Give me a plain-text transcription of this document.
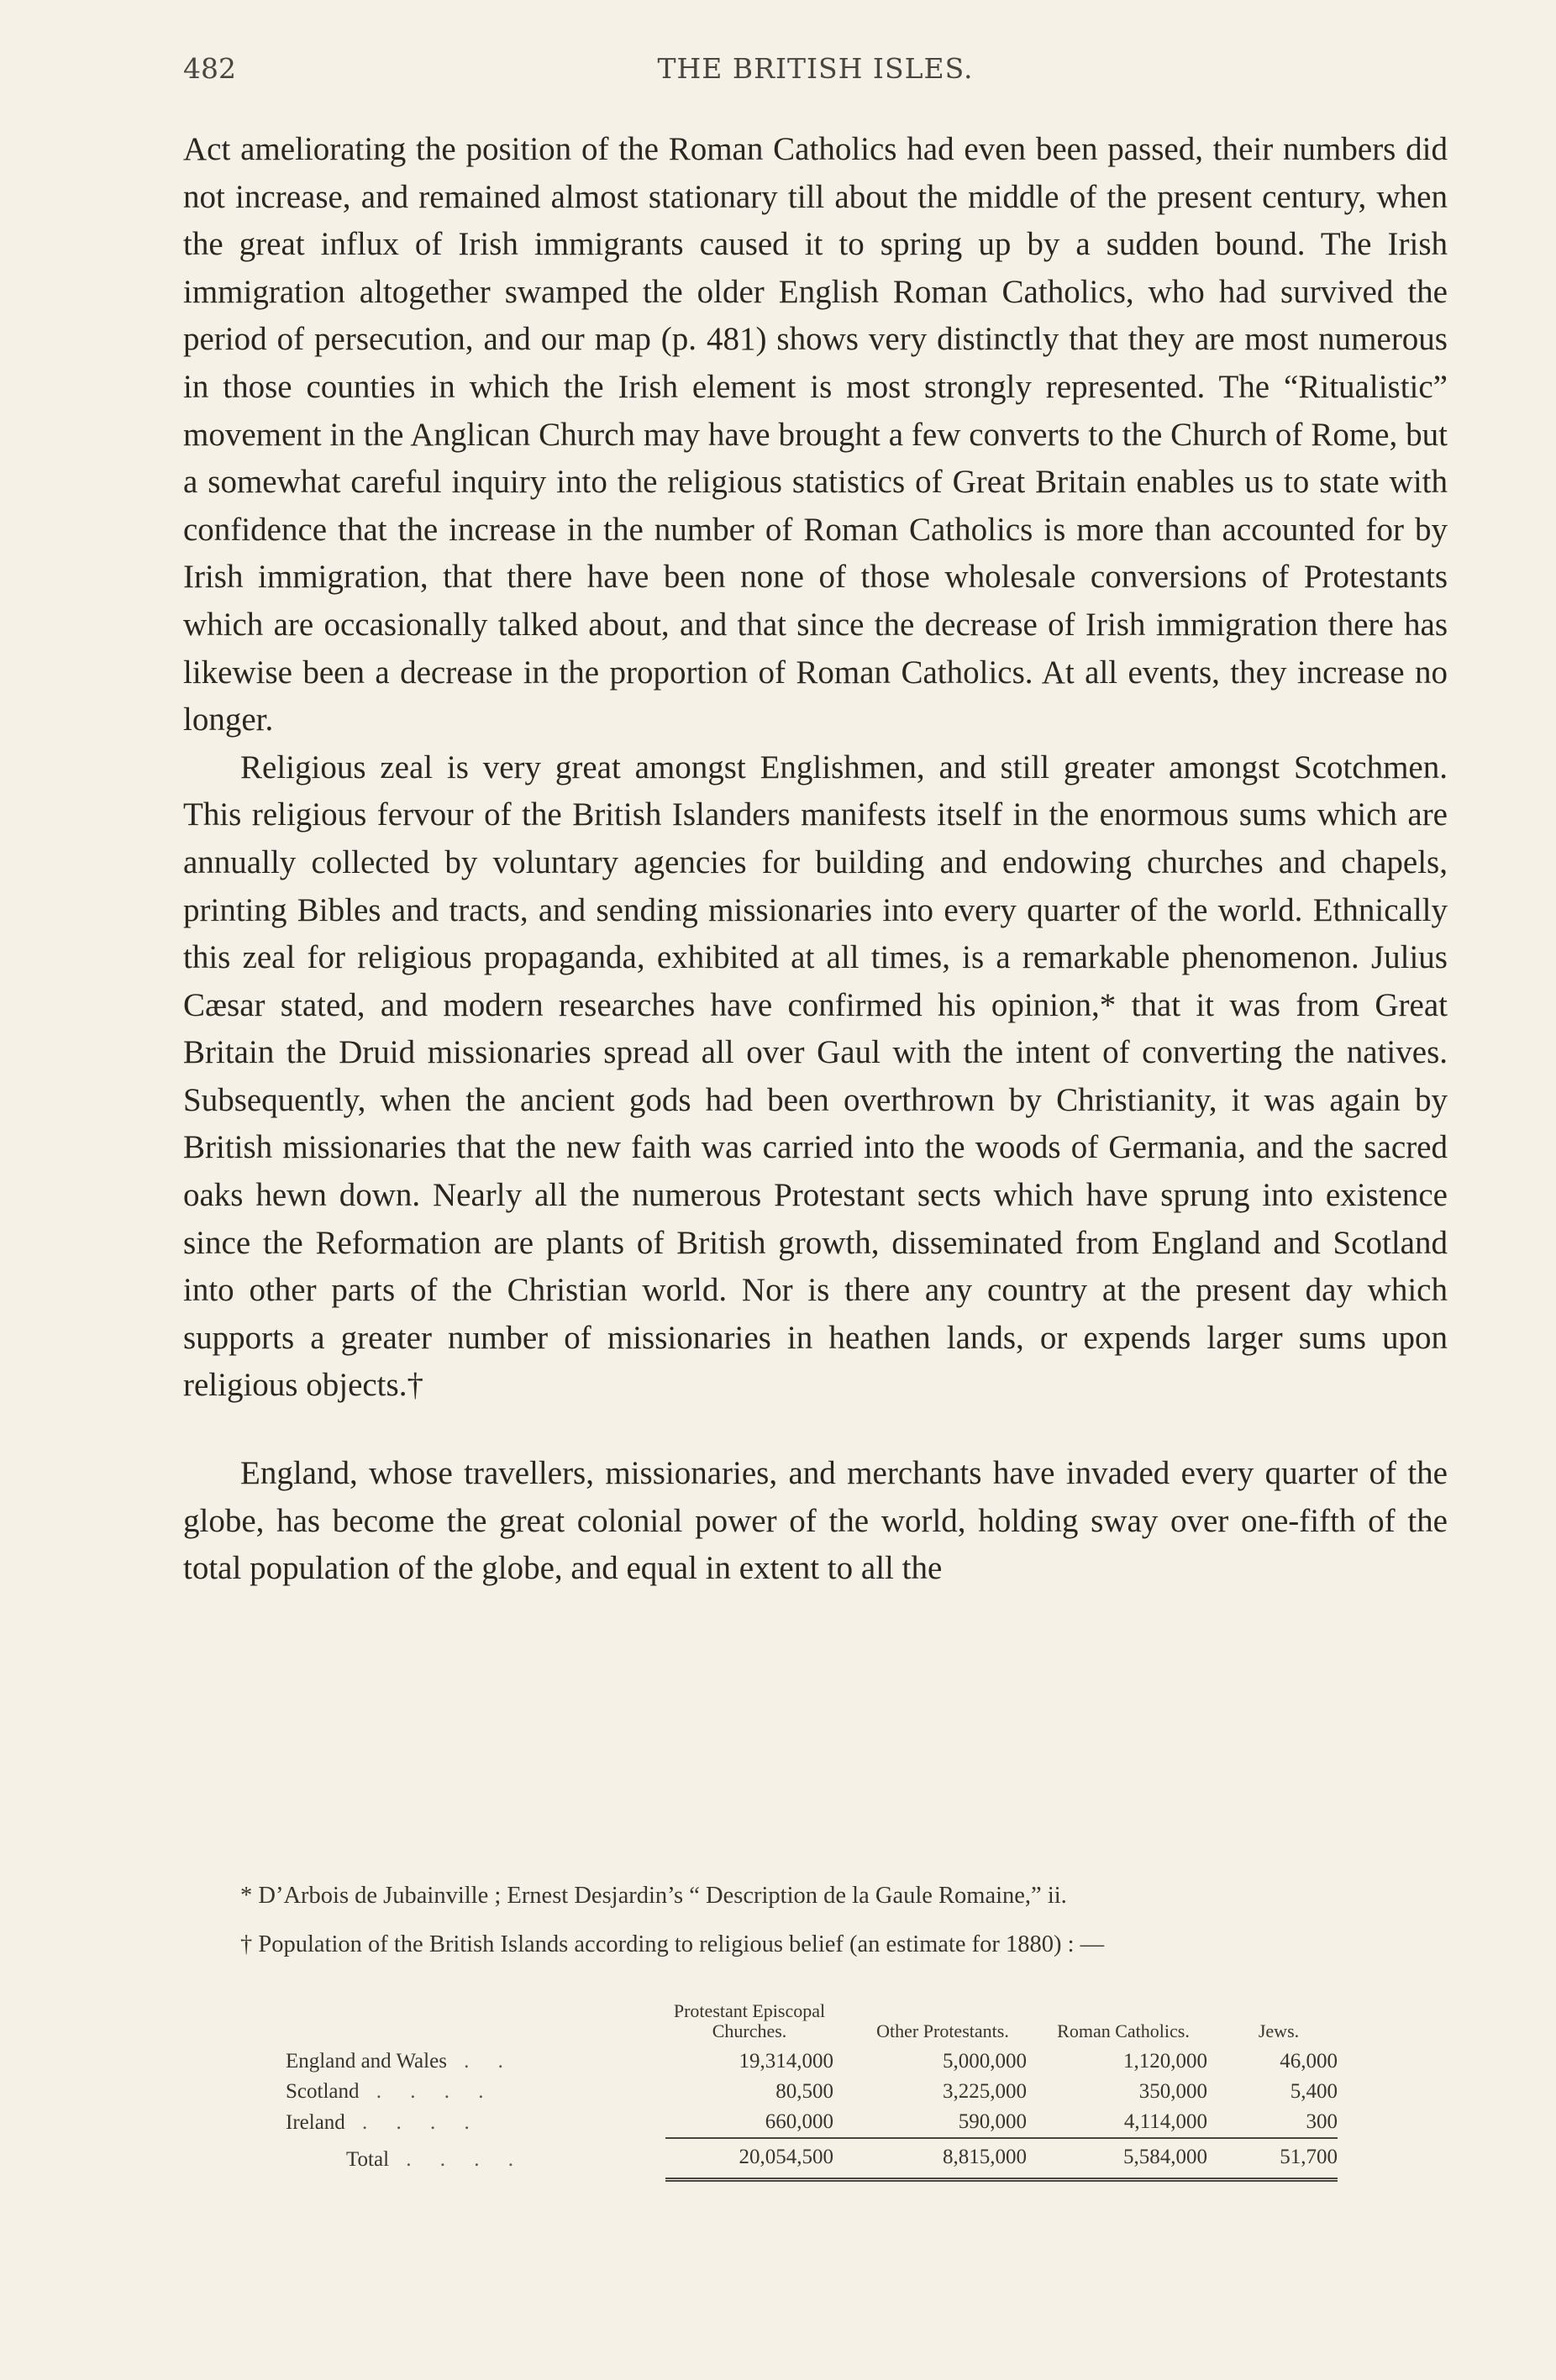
482	THE BRITISH ISLES.

Act ameliorating the position of the Roman Catholics had even been passed, their numbers did not increase, and remained almost stationary till about the middle of the present century, when the great influx of Irish immigrants caused it to spring up by a sudden bound. The Irish immigration altogether swamped the older English Roman Catholics, who had survived the period of persecution, and our map (p. 481) shows very distinctly that they are most numerous in those counties in which the Irish element is most strongly represented. The “Ritualistic” movement in the Anglican Church may have brought a few converts to the Church of Rome, but a somewhat careful inquiry into the religious statistics of Great Britain enables us to state with confidence that the increase in the number of Roman Catholics is more than accounted for by Irish immigration, that there have been none of those wholesale conversions of Protestants which are occasionally talked about, and that since the decrease of Irish immigration there has likewise been a decrease in the proportion of Roman Catholics. At all events, they increase no longer.

Religious zeal is very great amongst Englishmen, and still greater amongst Scotchmen. This religious fervour of the British Islanders manifests itself in the enormous sums which are annually collected by voluntary agencies for building and endowing churches and chapels, printing Bibles and tracts, and sending missionaries into every quarter of the world. Ethnically this zeal for religious propaganda, exhibited at all times, is a remarkable phenomenon. Julius Cæsar stated, and modern researches have confirmed his opinion,* that it was from Great Britain the Druid missionaries spread all over Gaul with the intent of converting the natives. Subsequently, when the ancient gods had been overthrown by Christianity, it was again by British missionaries that the new faith was carried into the woods of Germania, and the sacred oaks hewn down. Nearly all the numerous Protestant sects which have sprung into existence since the Reformation are plants of British growth, disseminated from England and Scotland into other parts of the Christian world. Nor is there any country at the present day which supports a greater number of missionaries in heathen lands, or expends larger sums upon religious objects.†

England, whose travellers, missionaries, and merchants have invaded every quarter of the globe, has become the great colonial power of the world, holding sway over one-fifth of the total population of the globe, and equal in extent to all the

* D’Arbois de Jubainville ; Ernest Desjardin’s “ Description de la Gaule Romaine,” ii.

† Population of the British Islands according to religious belief (an estimate for 1880) : —

	Protestant Episcopal Churches.	Other Protestants.	Roman Catholics.	Jews.
England and Wales . .	19,314,000	5,000,000	1,120,000	46,000
Scotland . . . .	80,500	3,225,000	350,000	5,400
Ireland . . . .	660,000	590,000	4,114,000	300
Total . . . .	20,054,500	8,815,000	5,584,000	51,700
